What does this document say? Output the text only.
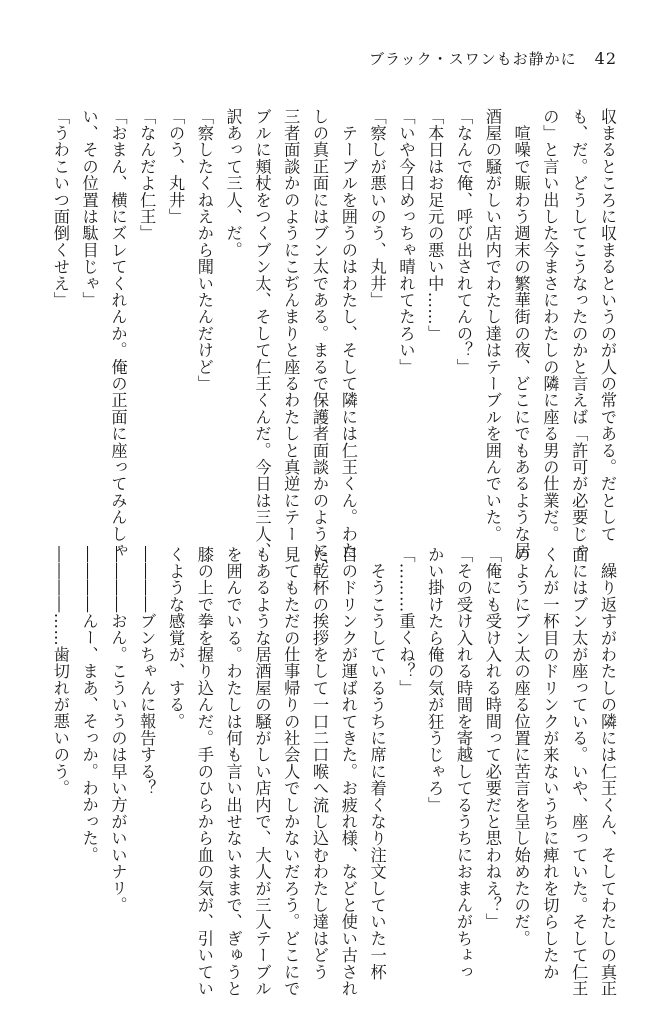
ブラック・スワンもお静かに 42
収まるところに収まるというのが人の常である。だとして
も、だ。どうしてこうなったのかと言えば「許可が必要じゃ
の」と言い出した今まさにわたしの隣に座る男の仕業だ。
　喧噪で賑わう週末の繁華街の夜、どこにでもあるような居
酒屋の騒がしい店内でわたし達はテーブルを囲んでいた。
「なんで俺、呼び出されてんの？」
「本日はお足元の悪い中……」
「いや今日めっちゃ晴れてたろい」
「察しが悪いのう、丸井」
　テーブルを囲うのはわたし、そして隣には仁王くん。わた
しの真正面にはブン太である。まるで保護者面談かのように、
三者面談かのようにこぢんまりと座るわたしと真逆にテー
ブルに頬杖をつくブン太、そして仁王くんだ。今日は三人、
訳あって三人、だ。
「察したくねえから聞いたんだけど」
「のう、丸井」
「なんだよ仁王」
「おまん、横にズレてくれんか。俺の正面に座ってみんしゃ
い、その位置は駄目じゃ」
「うわこいつ面倒くせえ」
　繰り返すがわたしの隣には仁王くん、そしてわたしの真正
面にはブン太が座っている。いや、座っていた。そして仁王
くんが一杯目のドリンクが来ないうちに痺れを切らしたか
のようにブン太の座る位置に苦言を呈し始めたのだ。
「俺にも受け入れる時間って必要だと思わねえ？」
「その受け入れる時間を寄越してるうちにおまんがちょっ
かい掛けたら俺の気が狂うじゃろ」
「………重くね？」
　そうこうしているうちに席に着くなり注文していた一杯
目のドリンクが運ばれてきた。お疲れ様、などと使い古され
た乾杯の挨拶をして一口二口喉へ流し込むわたし達はどう
見てもただの仕事帰りの社会人でしかないだろう。どこにで
もあるような居酒屋の騒がしい店内で、大人が三人テーブル
を囲んでいる。わたしは何も言い出せないままで、ぎゅうと
膝の上で拳を握り込んだ。手のひらから血の気が、引いてい
くような感覚が、する。
――――ブンちゃんに報告する？
――――おん。こういうのは早い方がいいナリ。
――――んー、まあ、そっか。わかった。
――――……歯切れが悪いのう。
